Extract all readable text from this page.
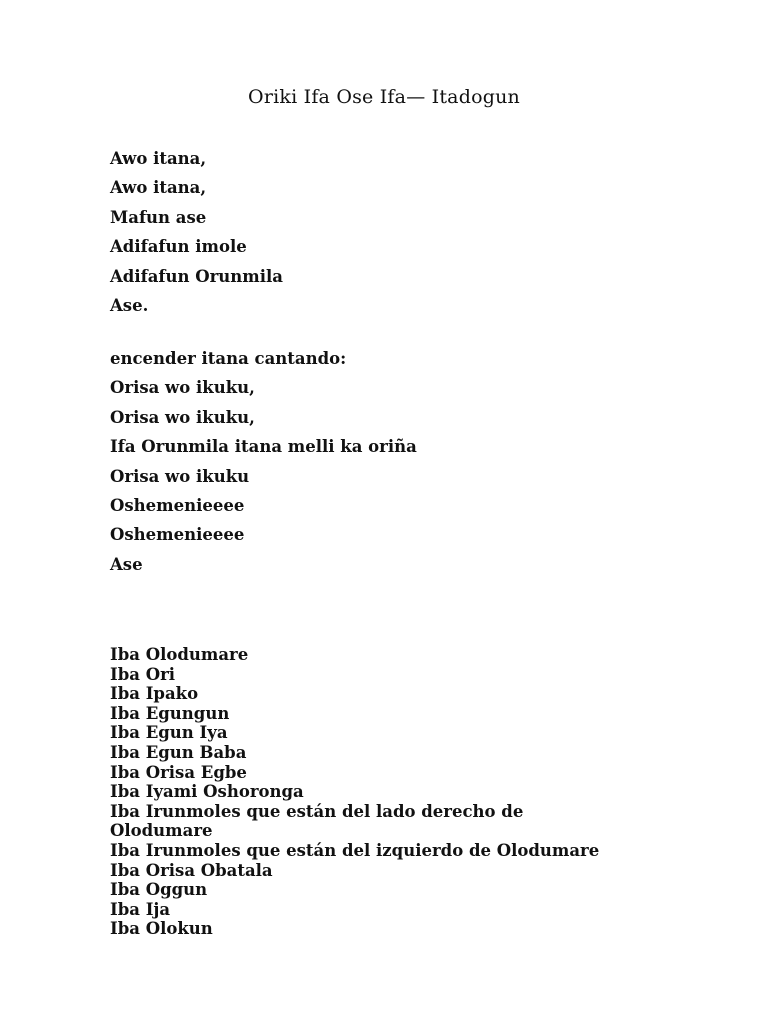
Oriki Ifa Ose Ifa— Itadogun
Awo itana,
Awo itana,
Mafun ase
Adifafun imole
Adifafun Orunmila
Ase.
encender itana cantando:
Orisa wo ikuku,
Orisa wo ikuku,
Ifa Orunmila itana melli ka oriña
Orisa wo ikuku
Oshemenieeee
Oshemenieeee
Ase
Iba Olodumare
Iba Ori
Iba Ipako
Iba Egungun
Iba Egun Iya
Iba Egun Baba
Iba Orisa Egbe
Iba Iyami Oshoronga
Iba Irunmoles que están del lado derecho de
Olodumare
Iba Irunmoles que están del izquierdo de Olodumare
Iba Orisa Obatala
Iba Oggun
Iba Ija
Iba Olokun
